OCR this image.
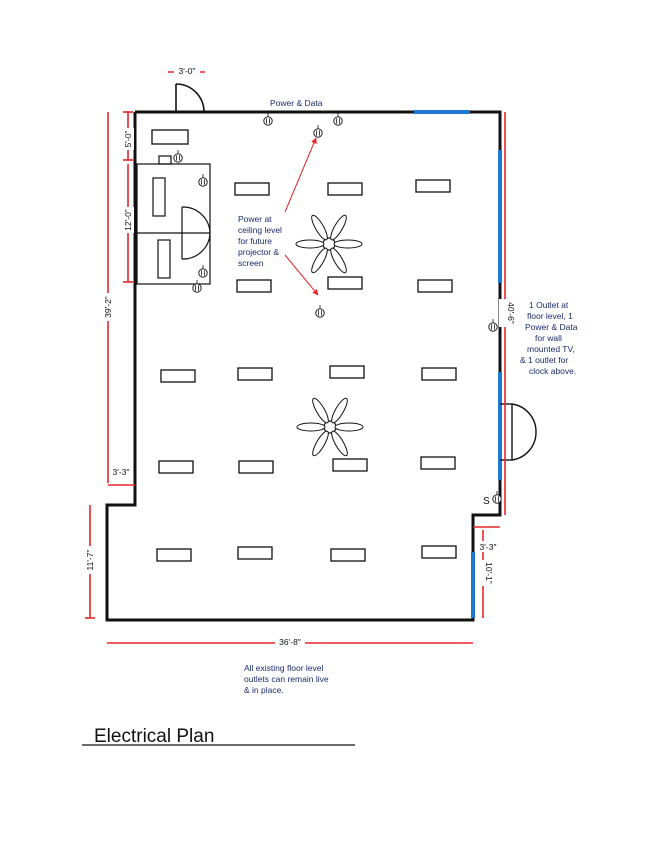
3'-0"
5'-0"
12'-0"
39'-2"
3'-3"
11'-7"
36'-8"
40'-6"
3'-3"
10'-1"
Power & Data
Power at
ceiling level
for future
projector &
screen
1 Outlet at
floor level, 1
Power & Data
for wall
mounted TV,
& 1 outlet for
clock above.
S
All existing floor level
outlets can remain live
& in place.
Electrical Plan
